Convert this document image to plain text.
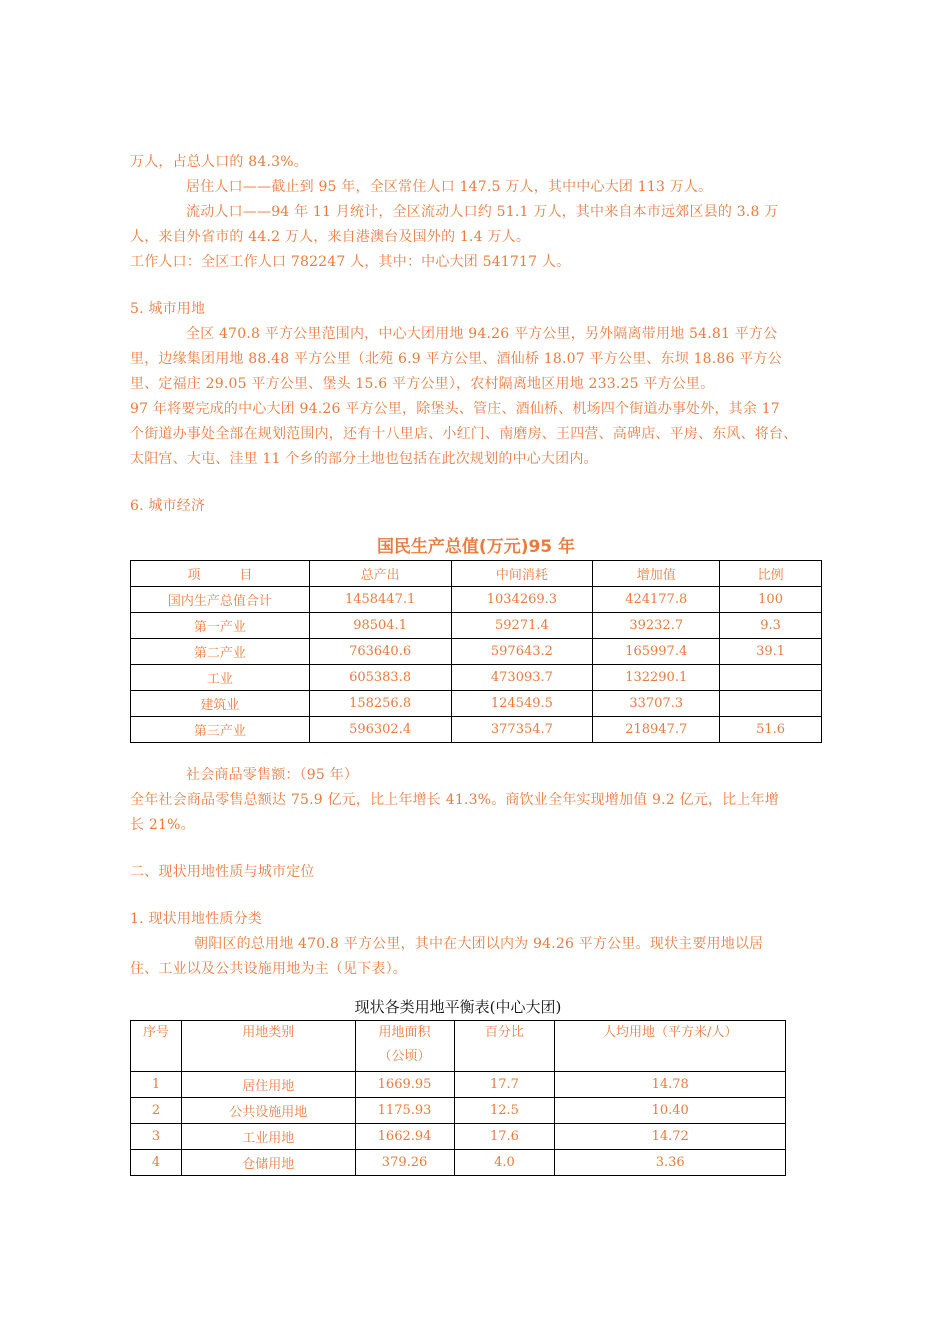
万人，占总人口的 84.3%。
居住人口——截止到 95 年，全区常住人口 147.5 万人，其中中心大团 113 万人。
流动人口——94 年 11 月统计，全区流动人口约 51.1 万人，其中来自本市远郊区县的 3.8 万
人，来自外省市的 44.2 万人，来自港澳台及国外的 1.4 万人。
工作人口：全区工作人口 782247 人，其中：中心大团 541717 人。
5. 城市用地
全区 470.8 平方公里范围内，中心大团用地 94.26 平方公里，另外隔离带用地 54.81 平方公
里，边缘集团用地 88.48 平方公里（北苑 6.9 平方公里、酒仙桥 18.07 平方公里、东坝 18.86 平方公
里、定福庄 29.05 平方公里、堡头 15.6 平方公里），农村隔离地区用地 233.25 平方公里。
97 年将要完成的中心大团 94.26 平方公里，除堡头、管庄、酒仙桥、机场四个街道办事处外，其余 17
个街道办事处全部在规划范围内，还有十八里店、小红门、南磨房、王四营、高碑店、平房、东风、将台、
太阳宫、大屯、洼里 11 个乡的部分土地也包括在此次规划的中心大团内。
6. 城市经济
国民生产总值(万元)95 年
项　　　目	总产出	中间消耗	增加值	比例
国内生产总值合计	1458447.1	1034269.3	424177.8	100
第一产业	98504.1	59271.4	39232.7	9.3
第二产业	763640.6	597643.2	165997.4	39.1
工业	605383.8	473093.7	132290.1	
建筑业	158256.8	124549.5	33707.3	
第三产业	596302.4	377354.7	218947.7	51.6
社会商品零售额：（95 年）
全年社会商品零售总额达 75.9 亿元，比上年增长 41.3%。商饮业全年实现增加值 9.2 亿元，比上年增
长 21%。
二、现状用地性质与城市定位
1. 现状用地性质分类
朝阳区的总用地 470.8 平方公里，其中在大团以内为 94.26 平方公里。现状主要用地以居
住、工业以及公共设施用地为主（见下表）。
现状各类用地平衡表(中心大团)
序号	用地类别	用地面积
（公顷）	百分比	人均用地（平方米/人）
1	居住用地	1669.95	17.7	14.78
2	公共设施用地	1175.93	12.5	10.40
3	工业用地	1662.94	17.6	14.72
4	仓储用地	379.26	4.0	3.36
